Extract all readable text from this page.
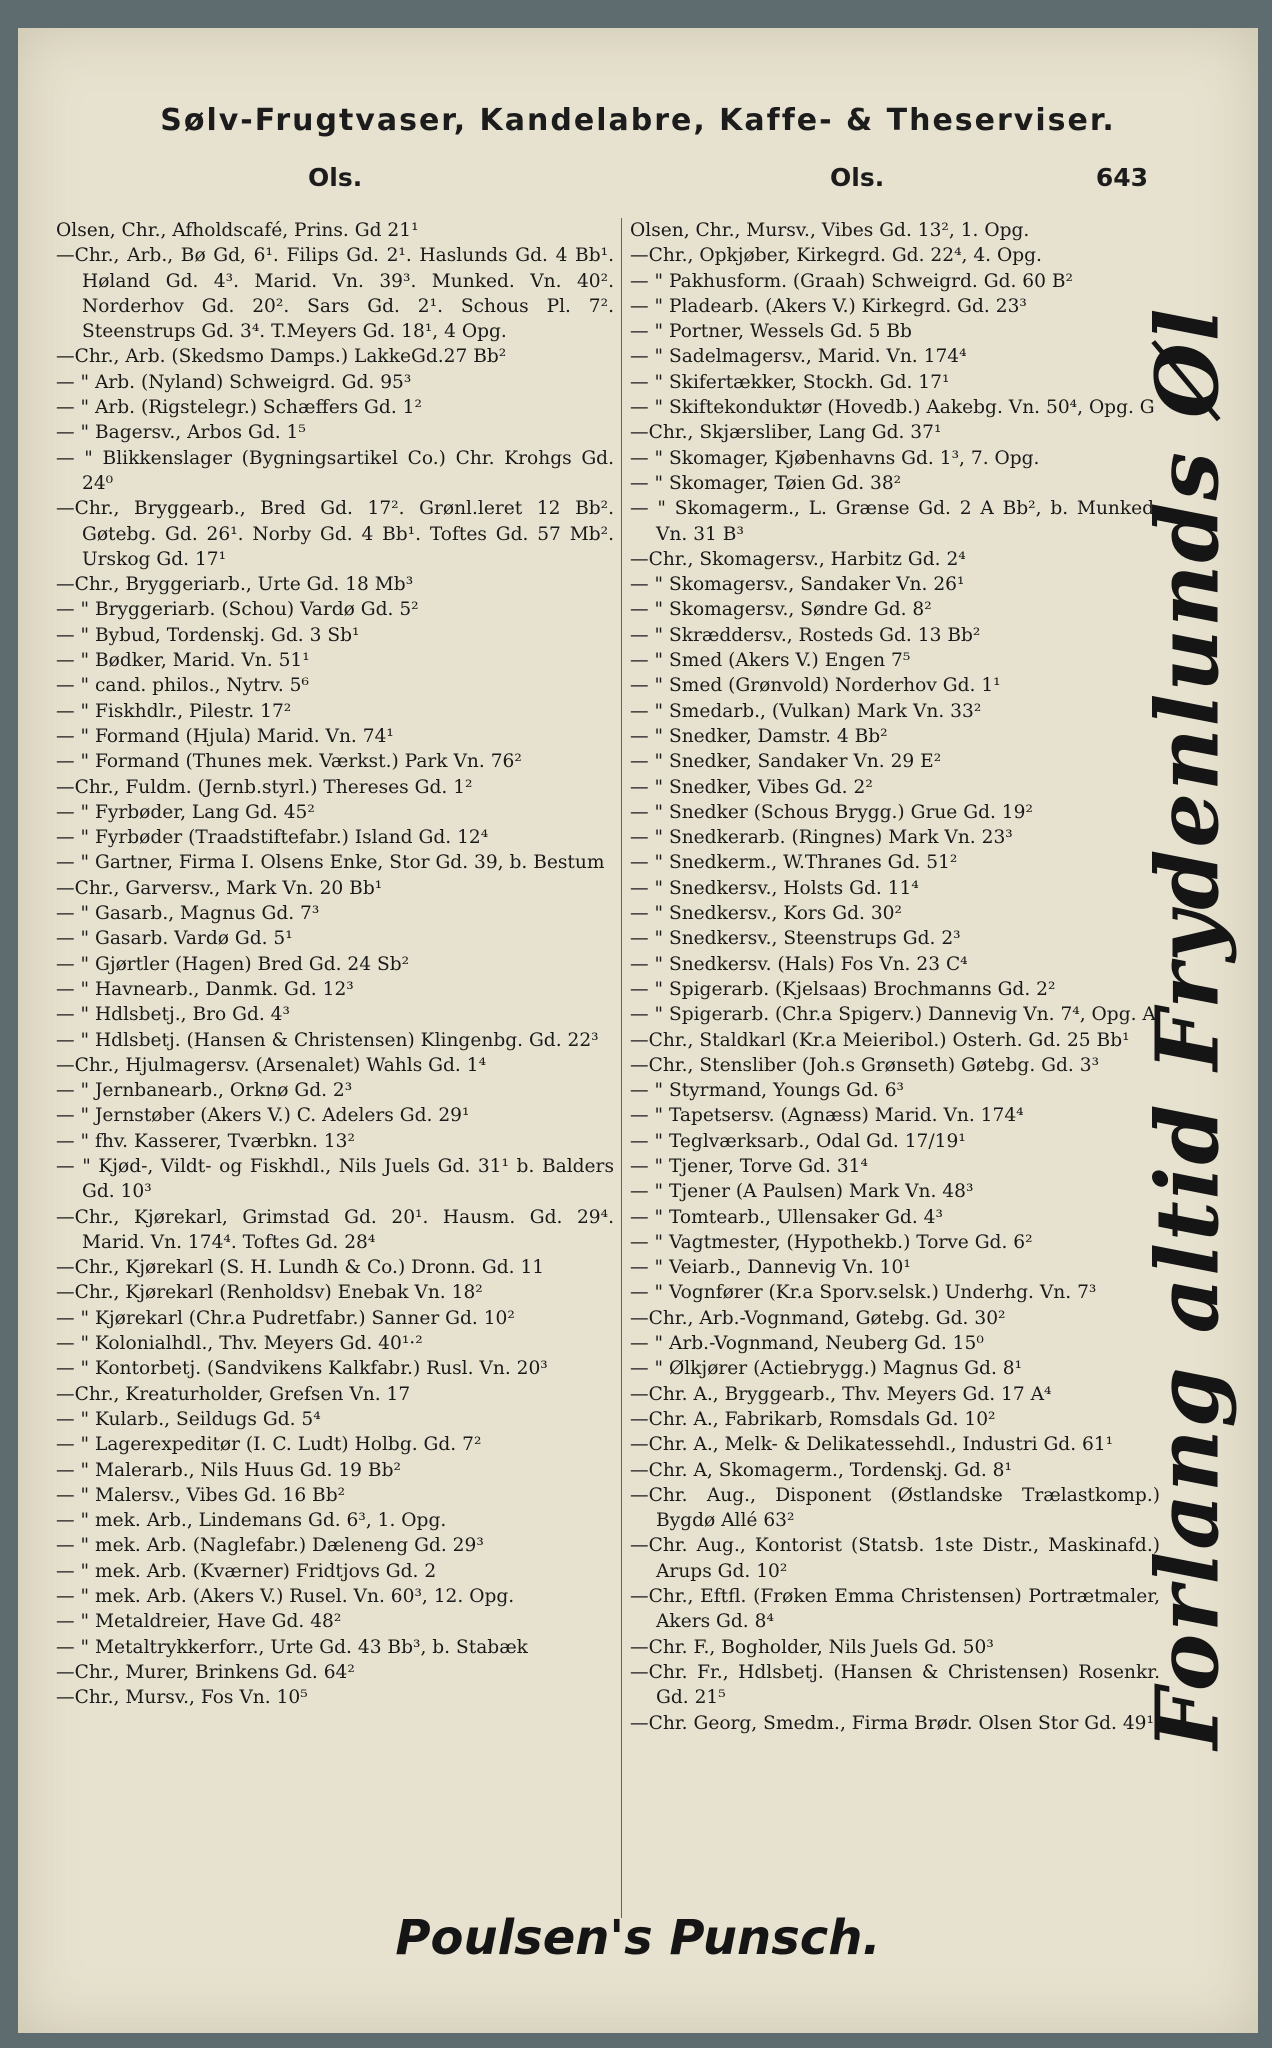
Sølv-Frugtvaser, Kandelabre, Kaffe- & Theserviser.
Ols.	Ols.	643

Olsen, Chr., Afholdscafé, Prins. Gd 21¹

—Chr., Arb., Bø Gd, 6¹. Filips Gd. 2¹. Haslunds Gd. 4 Bb¹. Høland Gd. 4³. Marid. Vn. 39³. Munked. Vn. 40². Norderhov Gd. 20². Sars Gd. 2¹. Schous Pl. 7². Steenstrups Gd. 3⁴. T.Meyers Gd. 18¹, 4 Opg.

—Chr., Arb. (Skedsmo Damps.) LakkeGd.27 Bb²

— " Arb. (Nyland) Schweigrd. Gd. 95³

— " Arb. (Rigstelegr.) Schæffers Gd. 1²

— " Bagersv., Arbos Gd. 1⁵

— " Blikkenslager (Bygningsartikel Co.) Chr. Krohgs Gd. 24⁰

—Chr., Bryggearb., Bred Gd. 17². Grønl.leret 12 Bb². Gøtebg. Gd. 26¹. Norby Gd. 4 Bb¹. Toftes Gd. 57 Mb². Urskog Gd. 17¹

—Chr., Bryggeriarb., Urte Gd. 18 Mb³

— " Bryggeriarb. (Schou) Vardø Gd. 5²

— " Bybud, Tordenskj. Gd. 3 Sb¹

— " Bødker, Marid. Vn. 51¹

— " cand. philos., Nytrv. 5⁶

— " Fiskhdlr., Pilestr. 17²

— " Formand (Hjula) Marid. Vn. 74¹

— " Formand (Thunes mek. Værkst.) Park Vn. 76²

—Chr., Fuldm. (Jernb.styrl.) Thereses Gd. 1²

— " Fyrbøder, Lang Gd. 45²

— " Fyrbøder (Traadstiftefabr.) Island Gd. 12⁴

— " Gartner, Firma I. Olsens Enke, Stor Gd. 39, b. Bestum

—Chr., Garversv., Mark Vn. 20 Bb¹

— " Gasarb., Magnus Gd. 7³

— " Gasarb. Vardø Gd. 5¹

— " Gjørtler (Hagen) Bred Gd. 24 Sb²

— " Havnearb., Danmk. Gd. 12³

— " Hdlsbetj., Bro Gd. 4³

— " Hdlsbetj. (Hansen & Christensen) Klingenbg. Gd. 22³

—Chr., Hjulmagersv. (Arsenalet) Wahls Gd. 1⁴

— " Jernbanearb., Orknø Gd. 2³

— " Jernstøber (Akers V.) C. Adelers Gd. 29¹

— " fhv. Kasserer, Tværbkn. 13²

— " Kjød-, Vildt- og Fiskhdl., Nils Juels Gd. 31¹ b. Balders Gd. 10³

—Chr., Kjørekarl, Grimstad Gd. 20¹. Hausm. Gd. 29⁴. Marid. Vn. 174⁴. Toftes Gd. 28⁴

—Chr., Kjørekarl (S. H. Lundh & Co.) Dronn. Gd. 11

—Chr., Kjørekarl (Renholdsv) Enebak Vn. 18²

— " Kjørekarl (Chr.a Pudretfabr.) Sanner Gd. 10²

— " Kolonialhdl., Thv. Meyers Gd. 40¹·²

— " Kontorbetj. (Sandvikens Kalkfabr.) Rusl. Vn. 20³

—Chr., Kreaturholder, Grefsen Vn. 17

— " Kularb., Seildugs Gd. 5⁴

— " Lagerexpeditør (I. C. Ludt) Holbg. Gd. 7²

— " Malerarb., Nils Huus Gd. 19 Bb²

— " Malersv., Vibes Gd. 16 Bb²

— " mek. Arb., Lindemans Gd. 6³, 1. Opg.

— " mek. Arb. (Naglefabr.) Dæleneng Gd. 29³

— " mek. Arb. (Kværner) Fridtjovs Gd. 2

— " mek. Arb. (Akers V.) Rusel. Vn. 60³, 12. Opg.

— " Metaldreier, Have Gd. 48²

— " Metaltrykkerforr., Urte Gd. 43 Bb³, b. Stabæk

—Chr., Murer, Brinkens Gd. 64²

—Chr., Mursv., Fos Vn. 10⁵

Olsen, Chr., Mursv., Vibes Gd. 13², 1. Opg.

—Chr., Opkjøber, Kirkegrd. Gd. 22⁴, 4. Opg.

— " Pakhusform. (Graah) Schweigrd. Gd. 60 B²

— " Pladearb. (Akers V.) Kirkegrd. Gd. 23³

— " Portner, Wessels Gd. 5 Bb

— " Sadelmagersv., Marid. Vn. 174⁴

— " Skifertækker, Stockh. Gd. 17¹

— " Skiftekonduktør (Hovedb.) Aakebg. Vn. 50⁴, Opg. G

—Chr., Skjærsliber, Lang Gd. 37¹

— " Skomager, Kjøbenhavns Gd. 1³, 7. Opg.

— " Skomager, Tøien Gd. 38²

— " Skomagerm., L. Grænse Gd. 2 A Bb², b. Munked. Vn. 31 B³

—Chr., Skomagersv., Harbitz Gd. 2⁴

— " Skomagersv., Sandaker Vn. 26¹

— " Skomagersv., Søndre Gd. 8²

— " Skræddersv., Rosteds Gd. 13 Bb²

— " Smed (Akers V.) Engen 7⁵

— " Smed (Grønvold) Norderhov Gd. 1¹

— " Smedarb., (Vulkan) Mark Vn. 33²

— " Snedker, Damstr. 4 Bb²

— " Snedker, Sandaker Vn. 29 E²

— " Snedker, Vibes Gd. 2²

— " Snedker (Schous Brygg.) Grue Gd. 19²

— " Snedkerarb. (Ringnes) Mark Vn. 23³

— " Snedkerm., W.Thranes Gd. 51²

— " Snedkersv., Holsts Gd. 11⁴

— " Snedkersv., Kors Gd. 30²

— " Snedkersv., Steenstrups Gd. 2³

— " Snedkersv. (Hals) Fos Vn. 23 C⁴

— " Spigerarb. (Kjelsaas) Brochmanns Gd. 2²

— " Spigerarb. (Chr.a Spigerv.) Dannevig Vn. 7⁴, Opg. A

—Chr., Staldkarl (Kr.a Meieribol.) Osterh. Gd. 25 Bb¹

—Chr., Stensliber (Joh.s Grønseth) Gøtebg. Gd. 3³

— " Styrmand, Youngs Gd. 6³

— " Tapetsersv. (Agnæss) Marid. Vn. 174⁴

— " Teglværksarb., Odal Gd. 17/19¹

— " Tjener, Torve Gd. 31⁴

— " Tjener (A Paulsen) Mark Vn. 48³

— " Tomtearb., Ullensaker Gd. 4³

— " Vagtmester, (Hypothekb.) Torve Gd. 6²

— " Veiarb., Dannevig Vn. 10¹

— " Vognfører (Kr.a Sporv.selsk.) Underhg. Vn. 7³

—Chr., Arb.-Vognmand, Gøtebg. Gd. 30²

— " Arb.-Vognmand, Neuberg Gd. 15⁰

— " Ølkjører (Actiebrygg.) Magnus Gd. 8¹

—Chr. A., Bryggearb., Thv. Meyers Gd. 17 A⁴

—Chr. A., Fabrikarb, Romsdals Gd. 10²

—Chr. A., Melk- & Delikatessehdl., Industri Gd. 61¹

—Chr. A, Skomagerm., Tordenskj. Gd. 8¹

—Chr. Aug., Disponent (Østlandske Trælastkomp.) Bygdø Allé 63²

—Chr. Aug., Kontorist (Statsb. 1ste Distr., Maskinafd.) Arups Gd. 10²

—Chr., Eftfl. (Frøken Emma Christensen) Portrætmaler, Akers Gd. 8⁴

—Chr. F., Bogholder, Nils Juels Gd. 50³

—Chr. Fr., Hdlsbetj. (Hansen & Christensen) Rosenkr. Gd. 21⁵

—Chr. Georg, Smedm., Firma Brødr. Olsen Stor Gd. 49¹

Forlang altid Frydenlunds Øl
Poulsen's Punsch.
